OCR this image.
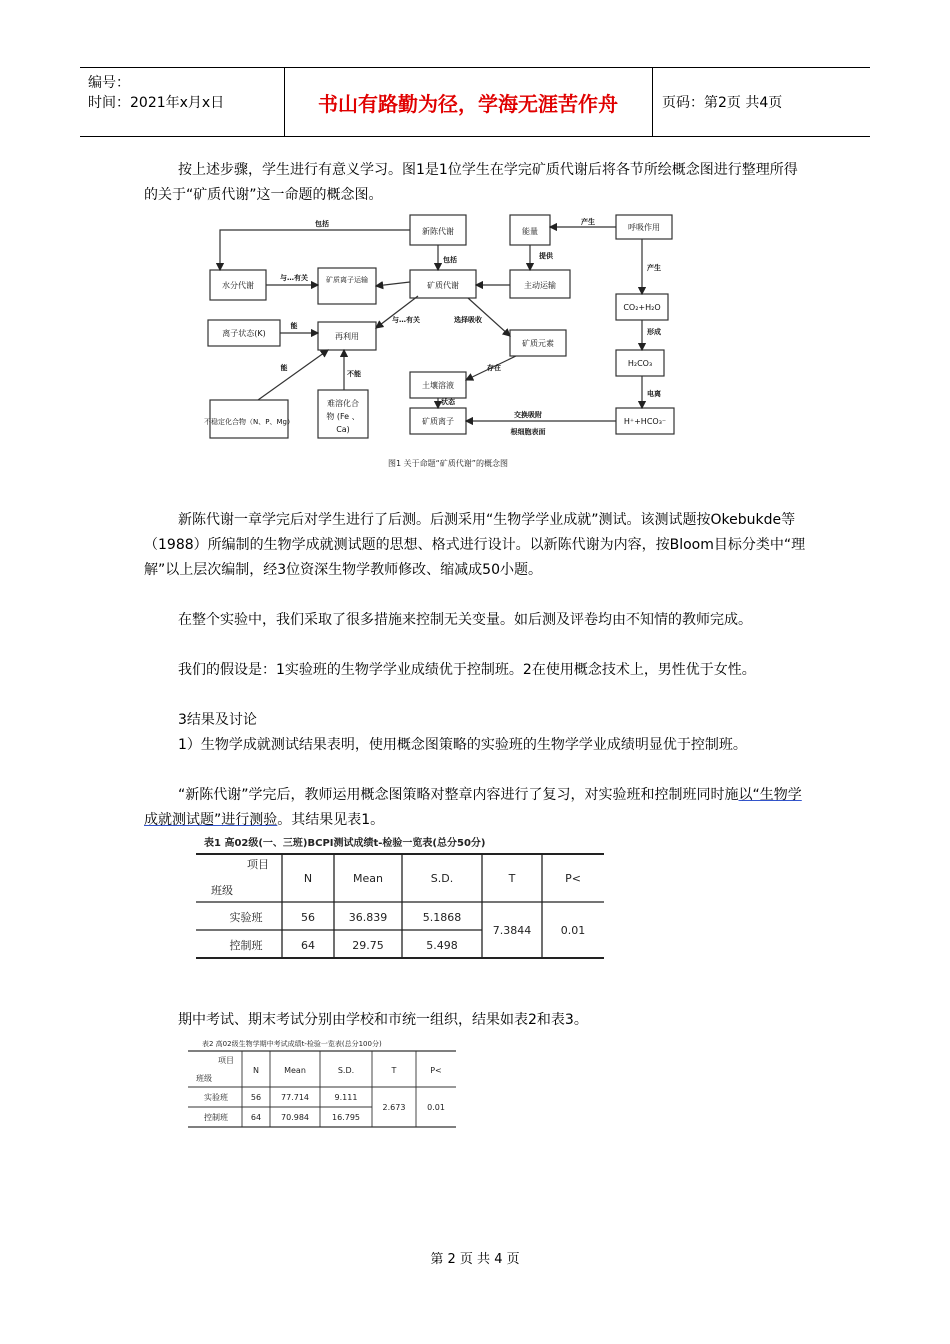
编号：
时间：2021年x月x日	书山有路勤为径，学海无涯苦作舟	页码：第2页 共4页

按上述步骤，学生进行有意义学习。图1是1位学生在学完矿质代谢后将各节所绘概念图进行整理所得的关于“矿质代谢”这一命题的概念图。

新陈代谢
水分代谢
矿质离子运输
矿质代谢
能量
主动运输
呼吸作用
离子状态(K)	再利用
矿质元素
CO₂+H₂O
H₂CO₃
不稳定化合物（N、P、Mg）
难溶化合
物 (Fe 、
Ca)
土壤溶液
矿质离子	H⁺+HCO₃⁻
包括
包括
与…有关
提供
产生
产生
形成
电离
能
能
不能
与…有关	选择吸收
存在
状态
交换吸附
根细胞表面
图1 关于命题“矿质代谢”的概念图

新陈代谢一章学完后对学生进行了后测。后测采用“生物学学业成就”测试。该测试题按Okebukde等（1988）所编制的生物学成就测试题的思想、格式进行设计。以新陈代谢为内容，按Bloom目标分类中“理解”以上层次编制，经3位资深生物学教师修改、缩减成50小题。

在整个实验中，我们采取了很多措施来控制无关变量。如后测及评卷均由不知情的教师完成。

我们的假设是：1实验班的生物学学业成绩优于控制班。2在使用概念技术上，男性优于女性。

3结果及讨论

1）生物学成就测试结果表明，使用概念图策略的实验班的生物学学业成绩明显优于控制班。

“新陈代谢”学完后，教师运用概念图策略对整章内容进行了复习，对实验班和控制班同时施以“生物学成就测试题”进行测验。其结果见表1。

表1 高02级(一、三班)BCPI测试成绩t-检验一览表(总分50分)
项目
班级
N	Mean	S.D.	T	P<
实验班	56	36.839	5.1868
控制班	64	29.75	5.498
7.3844	0.01

期中考试、期末考试分别由学校和市统一组织，结果如表2和表3。

表2 高02级生物学期中考试成绩t-检验一览表(总分100分)
项目
班级
N	Mean	S.D.	T	P<
实验班	56 77.714	9.111
控制班	64 70.984	16.795
2.673	0.01
第 2 页 共 4 页
